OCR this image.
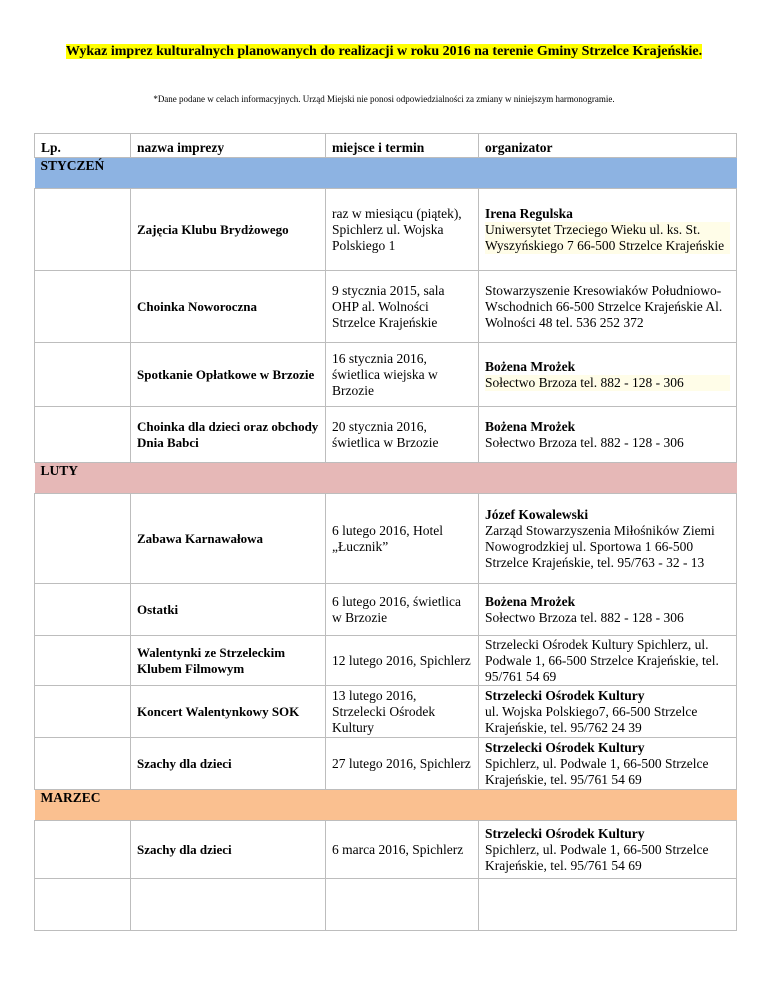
Wykaz imprez kulturalnych planowanych do realizacji w roku 2016 na terenie Gminy Strzelce Krajeńskie.
*Dane podane w celach informacyjnych. Urząd Miejski nie ponosi odpowiedzialności za zmiany w niniejszym harmonogramie.
Lp.	nazwa imprezy	miejsce i termin	organizator
STYCZEŃ			
	Zajęcia Klubu Brydżowego	raz w miesiącu (piątek), Spichlerz ul. Wojska Polskiego 1	Irena Regulska
Uniwersytet Trzeciego Wieku ul. ks. St. Wyszyńskiego 7 66-500 Strzelce Krajeńskie

	Choinka Noworoczna	9 stycznia 2015, sala OHP al. Wolności Strzelce Krajeńskie	Stowarzyszenie Kresowiaków Południowo-Wschodnich 66-500 Strzelce Krajeńskie Al. Wolności 48 tel. 536 252 372

	Spotkanie Opłatkowe w Brzozie	16 stycznia 2016, świetlica wiejska w Brzozie	Bożena Mrożek
Sołectwo Brzoza tel. 882 - 128 - 306

	Choinka dla dzieci oraz obchody Dnia Babci	20 stycznia 2016, świetlica w Brzozie	Bożena Mrożek
Sołectwo Brzoza tel. 882 - 128 - 306

LUTY			
	Zabawa Karnawałowa	6 lutego 2016, Hotel „Łucznik”	Józef Kowalewski
Zarząd Stowarzyszenia Miłośników Ziemi Nowogrodzkiej ul. Sportowa 1 66-500 Strzelce Krajeńskie, tel. 95/763 - 32 - 13

	Ostatki	6 lutego 2016, świetlica w Brzozie	Bożena Mrożek
Sołectwo Brzoza tel. 882 - 128 - 306

	Walentynki ze Strzeleckim Klubem Filmowym	12 lutego 2016, Spichlerz	Strzelecki Ośrodek Kultury Spichlerz, ul. Podwale 1, 66-500 Strzelce Krajeńskie, tel. 95/761 54 69

	Koncert Walentynkowy SOK	13 lutego 2016, Strzelecki Ośrodek Kultury	Strzelecki Ośrodek Kultury
ul. Wojska Polskiego7, 66-500 Strzelce Krajeńskie, tel. 95/762 24 39

	Szachy dla dzieci	27 lutego 2016, Spichlerz	Strzelecki Ośrodek Kultury
Spichlerz, ul. Podwale 1, 66-500 Strzelce Krajeńskie, tel. 95/761 54 69

MARZEC			
	Szachy dla dzieci	6 marca 2016, Spichlerz	Strzelecki Ośrodek Kultury
Spichlerz, ul. Podwale 1, 66-500 Strzelce Krajeńskie, tel. 95/761 54 69
